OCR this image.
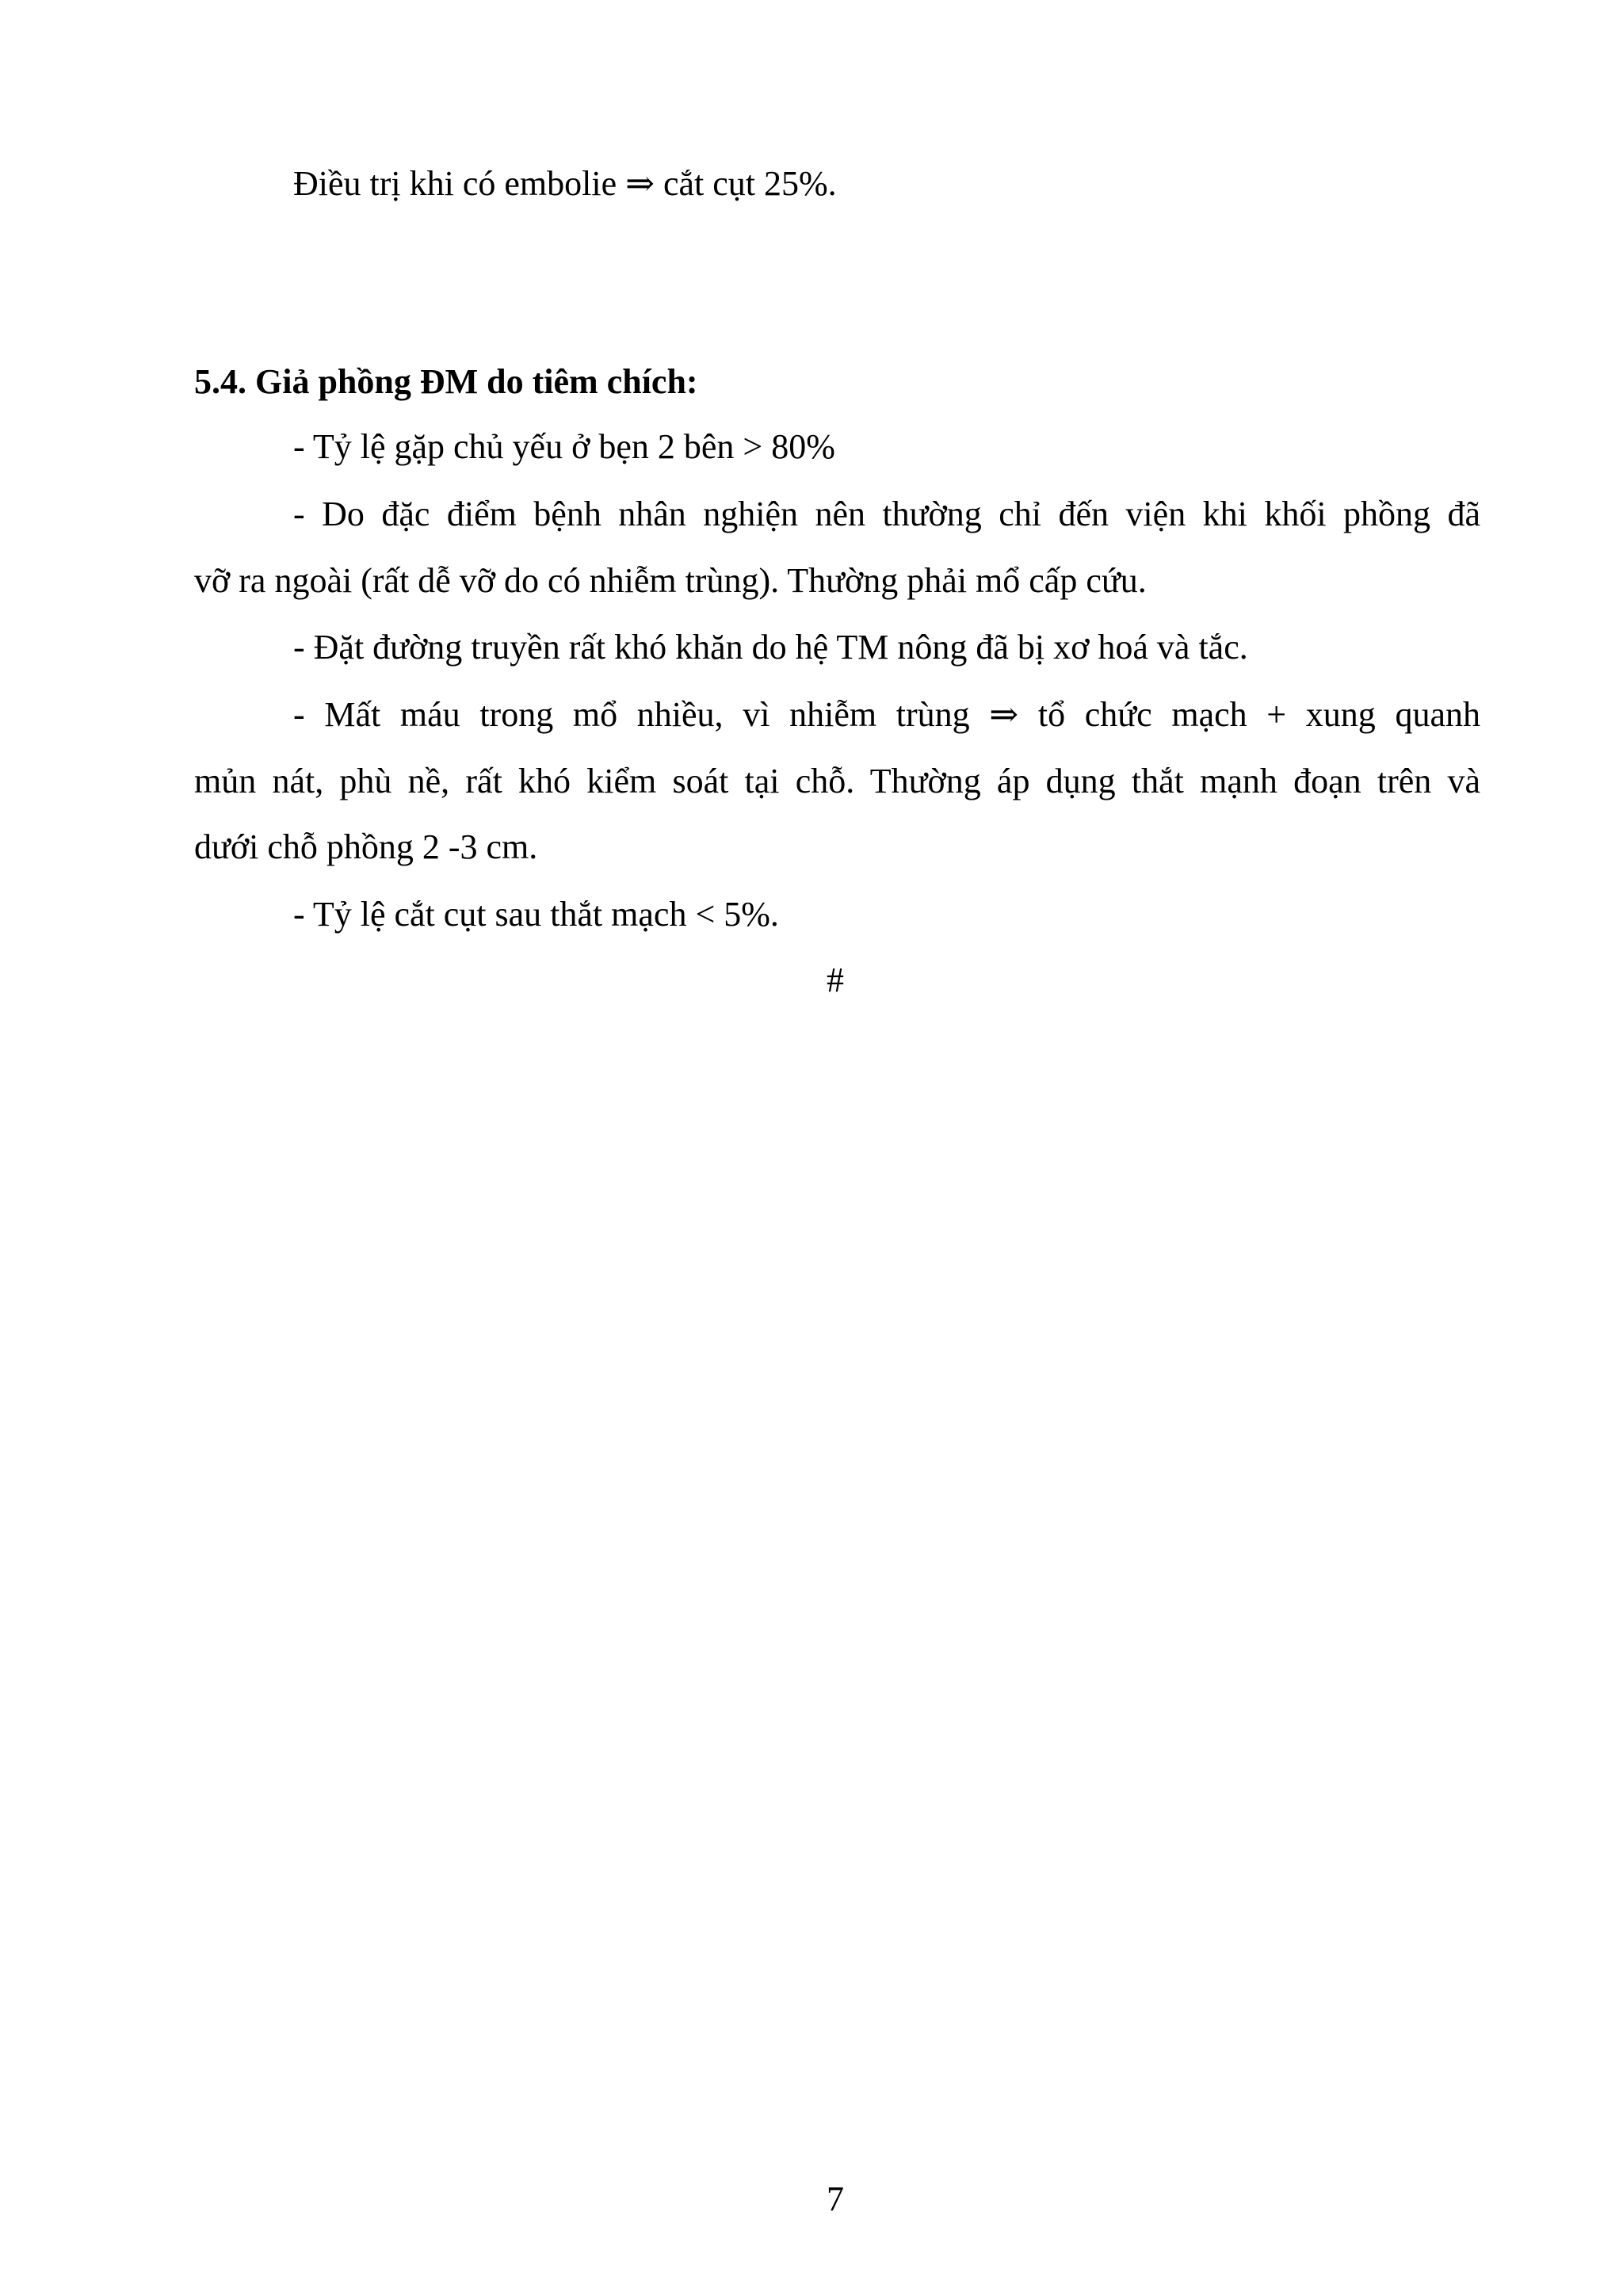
Điều trị khi có embolie ⇒ cắt cụt 25%.
5.4. Giả phồng ĐM do tiêm chích:
- Tỷ lệ gặp chủ yếu ở bẹn 2 bên > 80%
- Do đặc điểm bệnh nhân nghiện nên thường chỉ đến viện khi khối phồng đã
vỡ ra ngoài (rất dễ vỡ do có nhiễm trùng). Thường phải mổ cấp cứu.
- Đặt đường truyền rất khó khăn do hệ TM nông đã bị xơ hoá và tắc.
- Mất máu trong mổ nhiều, vì nhiễm trùng ⇒ tổ chức mạch + xung quanh
mủn nát, phù nề, rất khó kiểm soát tại chỗ. Thường áp dụng thắt mạnh đoạn trên và
dưới chỗ phồng 2 -3 cm.
- Tỷ lệ cắt cụt sau thắt mạch < 5%.
#
7
